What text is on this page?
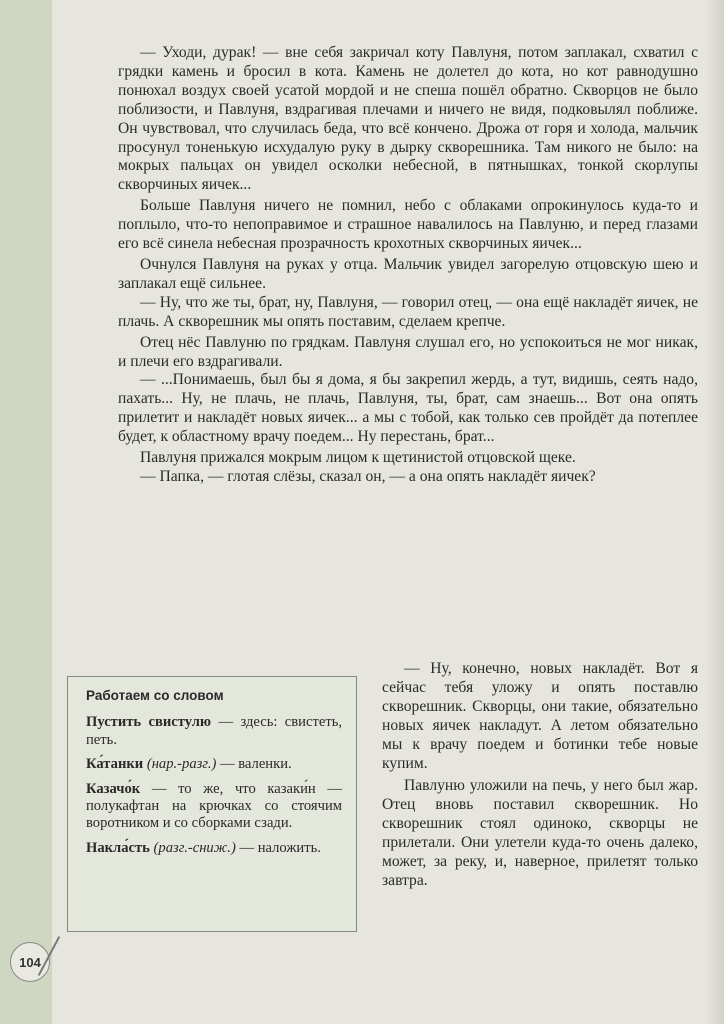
— Уходи, дурак! — вне себя закричал коту Павлуня, потом заплакал, схватил с грядки камень и бросил в кота. Камень не долетел до кота, но кот равнодушно понюхал воздух своей усатой мордой и не спеша пошёл обратно. Скворцов не было поблизости, и Павлуня, вздрагивая плечами и ничего не видя, подковылял поближе. Он чувствовал, что случилась беда, что всё кончено. Дрожа от горя и холода, мальчик просунул тоненькую исхудалую руку в дырку скворешника. Там никого не было: на мокрых пальцах он увидел осколки небесной, в пятнышках, тонкой скорлупы скворчиных яичек...

Больше Павлуня ничего не помнил, небо с облаками опрокинулось куда-то и поплыло, что-то непоправимое и страшное навалилось на Павлуню, и перед глазами его всё синела небесная прозрачность крохотных скворчиных яичек...

Очнулся Павлуня на руках у отца. Мальчик увидел загорелую отцовскую шею и заплакал ещё сильнее.

— Ну, что же ты, брат, ну, Павлуня, — говорил отец, — она ещё накладёт яичек, не плачь. А скворешник мы опять поставим, сделаем крепче.

Отец нёс Павлуню по грядкам. Павлуня слушал его, но успокоиться не мог никак, и плечи его вздрагивали.

— ...Понимаешь, был бы я дома, я бы закрепил жердь, а тут, видишь, сеять надо, пахать... Ну, не плачь, не плачь, Павлуня, ты, брат, сам знаешь... Вот она опять прилетит и накладёт новых яичек... а мы с тобой, как только сев пройдёт да потеплее будет, к областному врачу поедем... Ну перестань, брат...

Павлуня прижался мокрым лицом к щетинистой отцовской щеке.

— Папка, — глотая слёзы, сказал он, — а она опять накладёт яичек?

Работаем со словом
Пустить свистулю — здесь: свистеть, петь.
Ка́танки (нар.-разг.) — валенки.
Казачо́к — то же, что казаки́н — полукафтан на крючках со стоячим воротником и со сборками сзади.
Накла́сть (разг.-сниж.) — наложить.

— Ну, конечно, новых накладёт. Вот я сейчас тебя уложу и опять поставлю скворешник. Скворцы, они такие, обязательно новых яичек накладут. А летом обязательно мы к врачу поедем и ботинки тебе новые купим.

Павлуню уложили на печь, у него был жар. Отец вновь поставил скворешник. Но скворешник стоял одиноко, скворцы не прилетали. Они улетели куда-то очень далеко, может, за реку, и, наверное, прилетят только завтра.

104
